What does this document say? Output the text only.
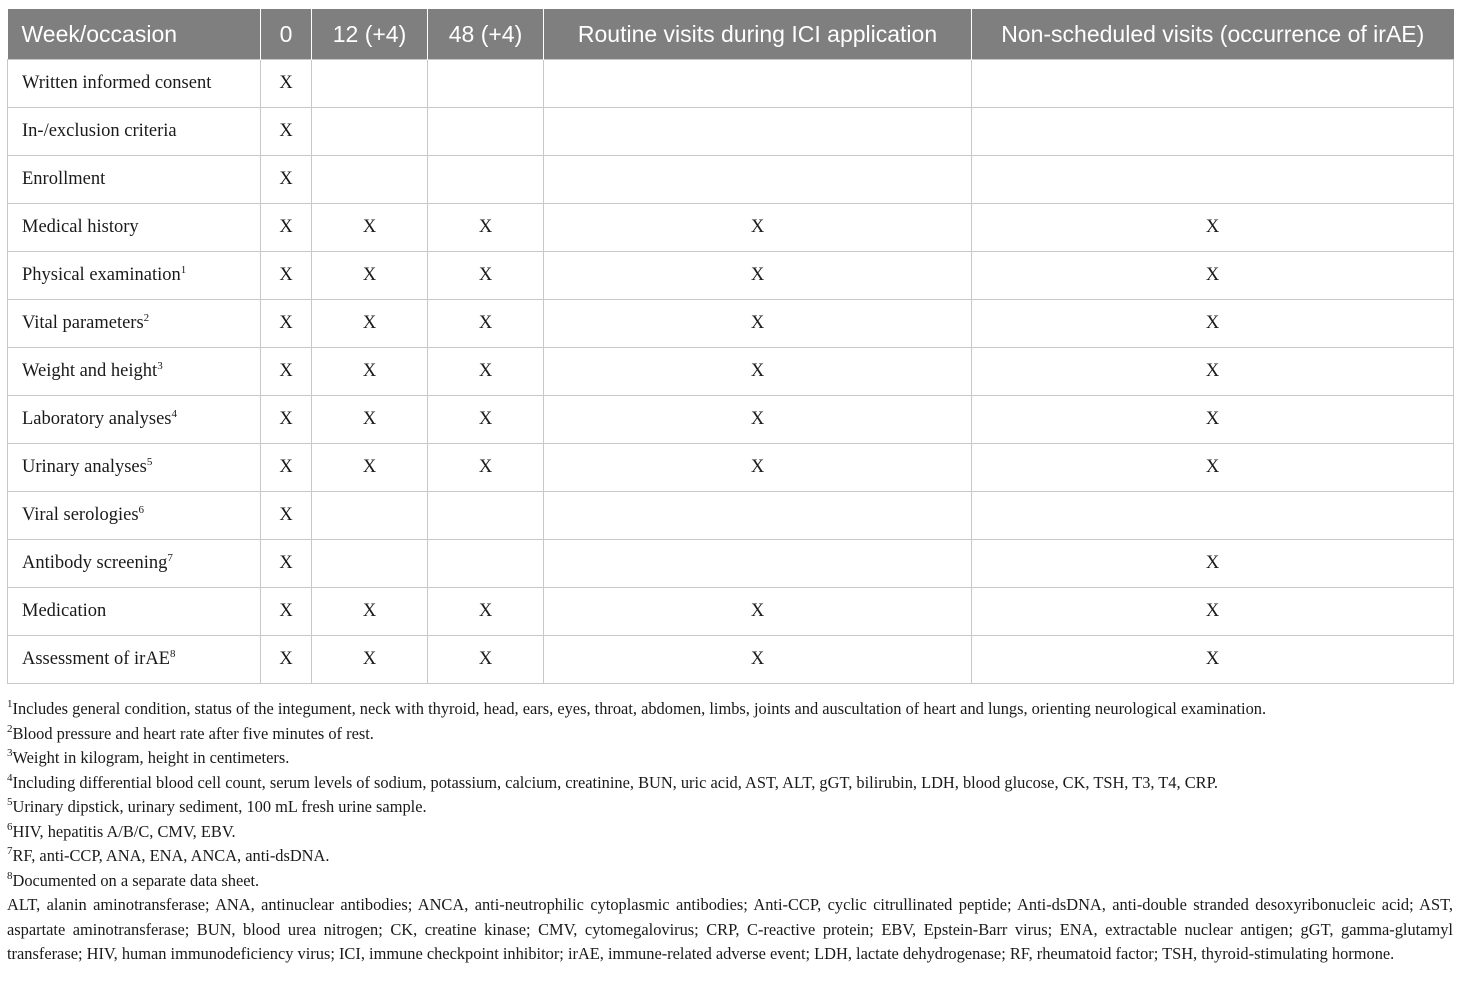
Week/occasion	0	12 (+4)	48 (+4)	Routine visits during ICI application	Non-scheduled visits (occurrence of irAE)
Written informed consent	X				
In-/exclusion criteria	X				
Enrollment	X				
Medical history	X	X	X	X	X
Physical examination$^1$	X	X	X	X	X
Vital parameters$^2$	X	X	X	X	X
Weight and height$^3$	X	X	X	X	X
Laboratory analyses$^4$	X	X	X	X	X
Urinary analyses$^5$	X	X	X	X	X
Viral serologies$^6$	X				
Antibody screening$^7$	X				X
Medication	X	X	X	X	X
Assessment of irAE$^8$	X	X	X	X	X

$^1$Includes general condition, status of the integument, neck with thyroid, head, ears, eyes, throat, abdomen, limbs, joints and auscultation of heart and lungs, orienting neurological examination.

$^2$Blood pressure and heart rate after five minutes of rest.

$^3$Weight in kilogram, height in centimeters.

$^4$Including differential blood cell count, serum levels of sodium, potassium, calcium, creatinine, BUN, uric acid, AST, ALT, gGT, bilirubin, LDH, blood glucose, CK, TSH, T3, T4, CRP.

$^5$Urinary dipstick, urinary sediment, 100 mL fresh urine sample.

$^6$HIV, hepatitis A/B/C, CMV, EBV.

$^7$RF, anti-CCP, ANA, ENA, ANCA, anti-dsDNA.

$^8$Documented on a separate data sheet.

ALT, alanin aminotransferase; ANA, antinuclear antibodies; ANCA, anti-neutrophilic cytoplasmic antibodies; Anti-CCP, cyclic citrullinated peptide; Anti-dsDNA, anti-double stranded desoxyribonucleic acid; AST, aspartate aminotransferase; BUN, blood urea nitrogen; CK, creatine kinase; CMV, cytomegalovirus; CRP, C-reactive protein; EBV, Epstein-Barr virus; ENA, extractable nuclear antigen; gGT, gamma-glutamyl transferase; HIV, human immunodeficiency virus; ICI, immune checkpoint inhibitor; irAE, immune-related adverse event; LDH, lactate dehydrogenase; RF, rheumatoid factor; TSH, thyroid-stimulating hormone.
